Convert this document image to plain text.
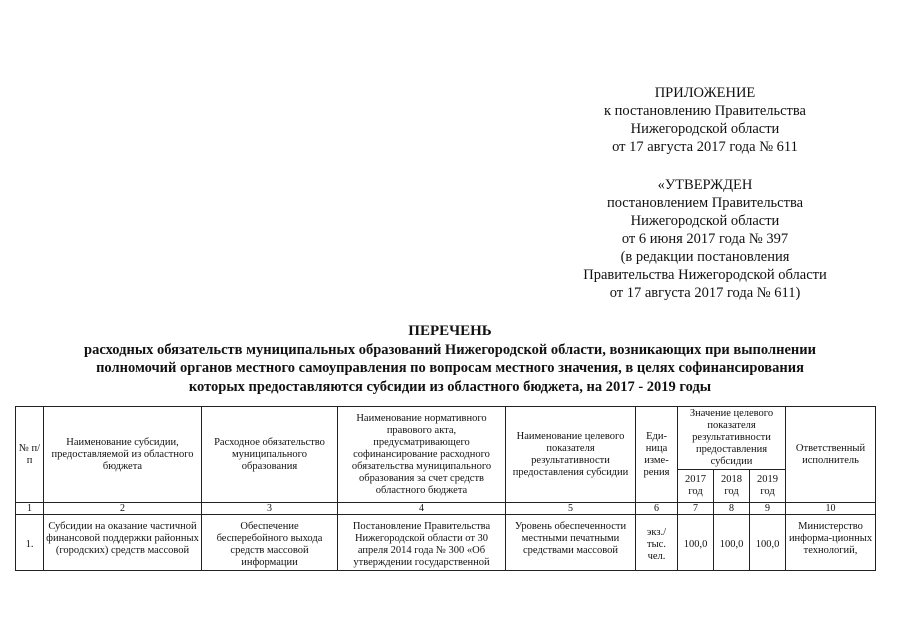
ПРИЛОЖЕНИЕ
к постановлению Правительства
Нижегородской области
от 17 августа 2017 года № 611
«УТВЕРЖДЕН
постановлением Правительства
Нижегородской области
от 6 июня 2017 года № 397
(в редакции постановления
Правительства Нижегородской области
от 17 августа 2017 года № 611)
ПЕРЕЧЕНЬ
расходных обязательств муниципальных образований Нижегородской области, возникающих при выполнении
полномочий органов местного самоуправления по вопросам местного значения, в целях софинансирования
которых предоставляются субсидии из областного бюджета, на 2017 - 2019 годы
№ п/п	Наименование субсидии, предоставляемой из областного бюджета	Расходное обязательство муниципального образования	Наименование нормативного правового акта, предусматривающего софинансирование расходного обязательства муниципального образования за счет средств областного бюджета	Наименование целевого показателя результативности предоставления субсидии	Еди-ница изме-рения	Значение целевого показателя результативности предоставления субсидии			Ответственный исполнитель
						2017 год	2018 год	2019 год	
1	2	3	4	5	6	7	8	9	10
1.	Субсидии на оказание частичной финансовой поддержки районных (городских) средств массовой	Обеспечение бесперебойного выхода средств массовой информации	Постановление Правительства Нижегородской области от 30 апреля 2014 года № 300 «Об утверждении государственной	Уровень обеспеченности местными печатными средствами массовой	экз./ тыс. чел.	100,0	100,0	100,0	Министерство информа-ционных технологий,
